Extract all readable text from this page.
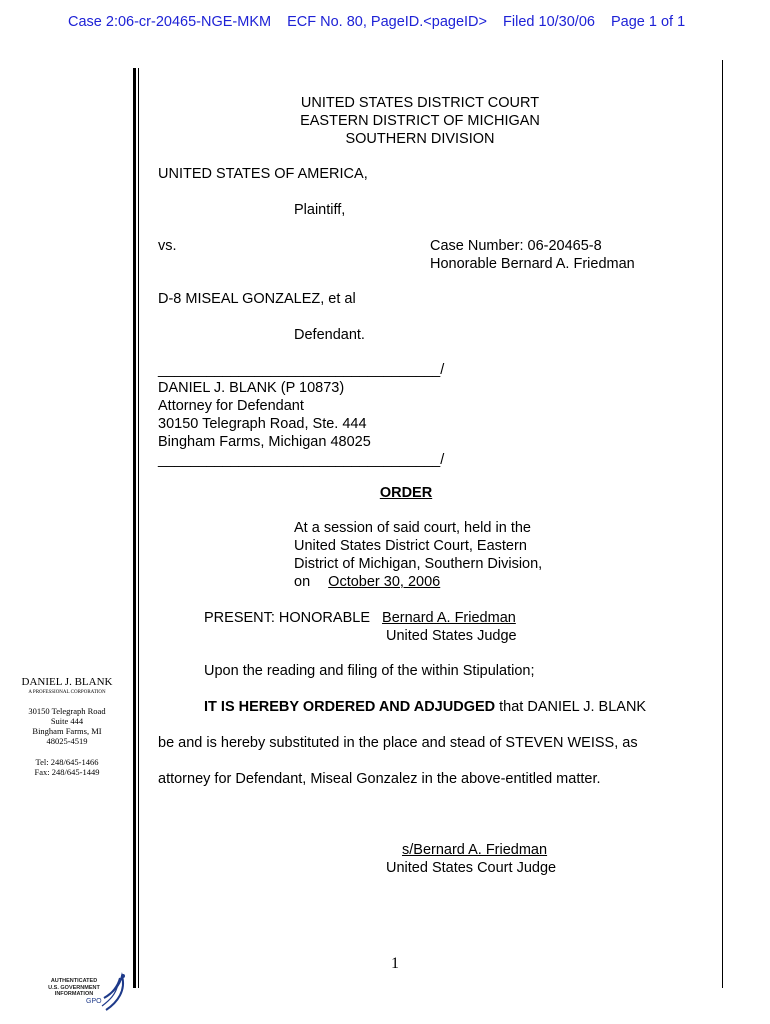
Case 2:06-cr-20465-NGE-MKM ECF No. 80, PageID.<pageID> Filed 10/30/06 Page 1 of 1
UNITED STATES DISTRICT COURT
EASTERN DISTRICT OF MICHIGAN
SOUTHERN DIVISION
UNITED STATES OF AMERICA,
Plaintiff,
vs.	Case Number: 06-20465-8
Honorable Bernard A. Friedman
D-8 MISEAL GONZALEZ, et al
Defendant.
___________________________________/
DANIEL J. BLANK (P 10873)
Attorney for Defendant
30150 Telegraph Road, Ste. 444
Bingham Farms, Michigan 48025
___________________________________/
ORDER
At a session of said court, held in the
United States District Court, Eastern
District of Michigan, Southern Division,
on October 30, 2006
PRESENT: HONORABLE Bernard A. Friedman
United States Judge
Upon the reading and filing of the within Stipulation;
IT IS HEREBY ORDERED AND ADJUDGED that DANIEL J. BLANK
be and is hereby substituted in the place and stead of STEVEN WEISS, as
attorney for Defendant, Miseal Gonzalez in the above-entitled matter.
s/Bernard A. Friedman
United States Court Judge
1
DANIEL J. BLANK
A PROFESSIONAL CORPORATION
30150 Telegraph Road
Suite 444
Bingham Farms, MI
48025-4519
Tel: 248/645-1466
Fax: 248/645-1449
AUTHENTICATED
U.S. GOVERNMENT
INFORMATION
GPO
